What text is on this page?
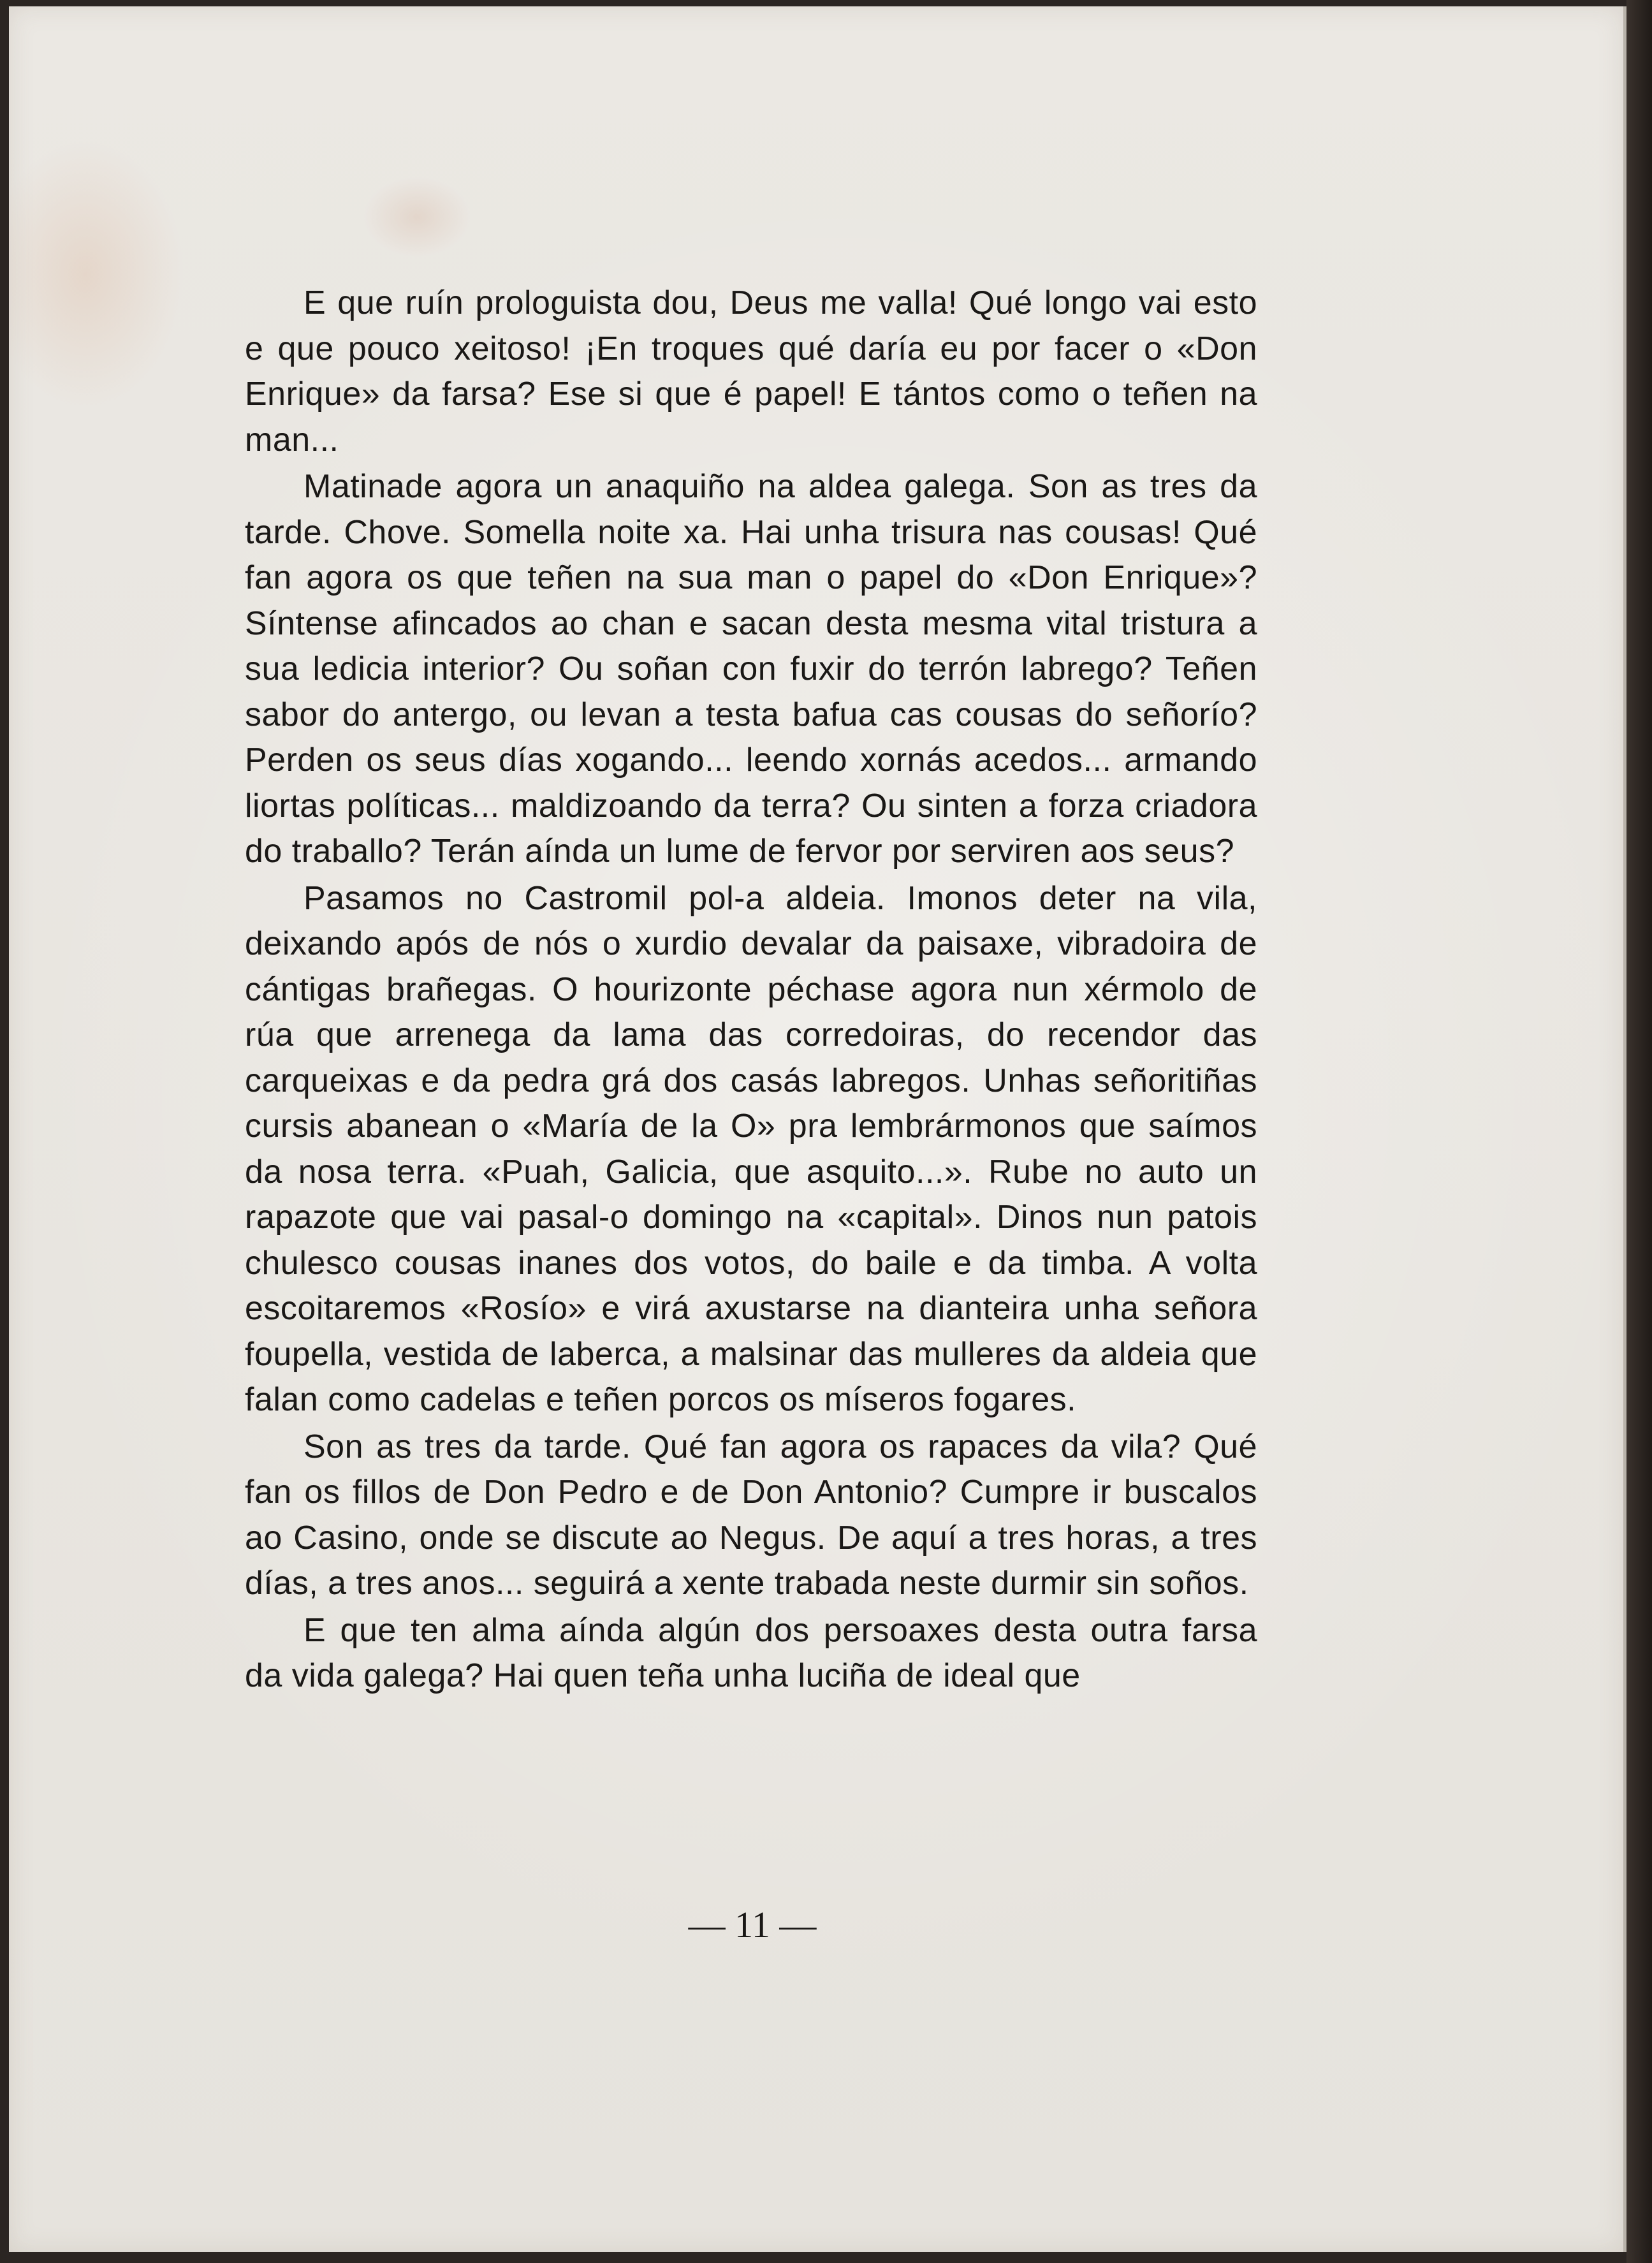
E que ruín prologuista dou, Deus me valla! Qué longo vai esto e que pouco xeitoso! ¡En troques qué daría eu por facer o «Don Enrique» da farsa? Ese si que é papel! E tántos como o teñen na man...

Matinade agora un anaquiño na aldea galega. Son as tres da tarde. Chove. Somella noite xa. Hai unha trisura nas cousas! Qué fan agora os que teñen na sua man o papel do «Don Enrique»? Síntense afincados ao chan e sacan desta mesma vital tristura a sua ledicia interior? Ou soñan con fuxir do terrón labrego? Teñen sabor do antergo, ou levan a testa bafua cas cousas do señorío? Perden os seus días xogando... leendo xornás acedos... armando liortas políticas... maldizoando da terra? Ou sinten a forza criadora do traballo? Terán aínda un lume de fervor por serviren aos seus?

Pasamos no Castromil pol-a aldeia. Imonos deter na vila, deixando após de nós o xurdio devalar da paisaxe, vibradoira de cántigas brañegas. O hourizonte péchase agora nun xérmolo de rúa que arrenega da lama das corredoiras, do recendor das carqueixas e da pedra grá dos casás labregos. Unhas señoritiñas cursis abanean o «María de la O» pra lembrármonos que saímos da nosa terra. «Puah, Galicia, que asquito...». Rube no auto un rapazote que vai pasal-o domingo na «capital». Dinos nun patois chulesco cousas inanes dos votos, do baile e da timba. A volta escoitaremos «Rosío» e virá axustarse na dianteira unha señora foupella, vestida de laberca, a malsinar das mulleres da aldeia que falan como cadelas e teñen porcos os míseros fogares.

Son as tres da tarde. Qué fan agora os rapaces da vila? Qué fan os fillos de Don Pedro e de Don Antonio? Cumpre ir buscalos ao Casino, onde se discute ao Negus. De aquí a tres horas, a tres días, a tres anos... seguirá a xente trabada neste durmir sin soños.

E que ten alma aínda algún dos persoaxes desta outra farsa da vida galega? Hai quen teña unha luciña de ideal que

— 11 —
